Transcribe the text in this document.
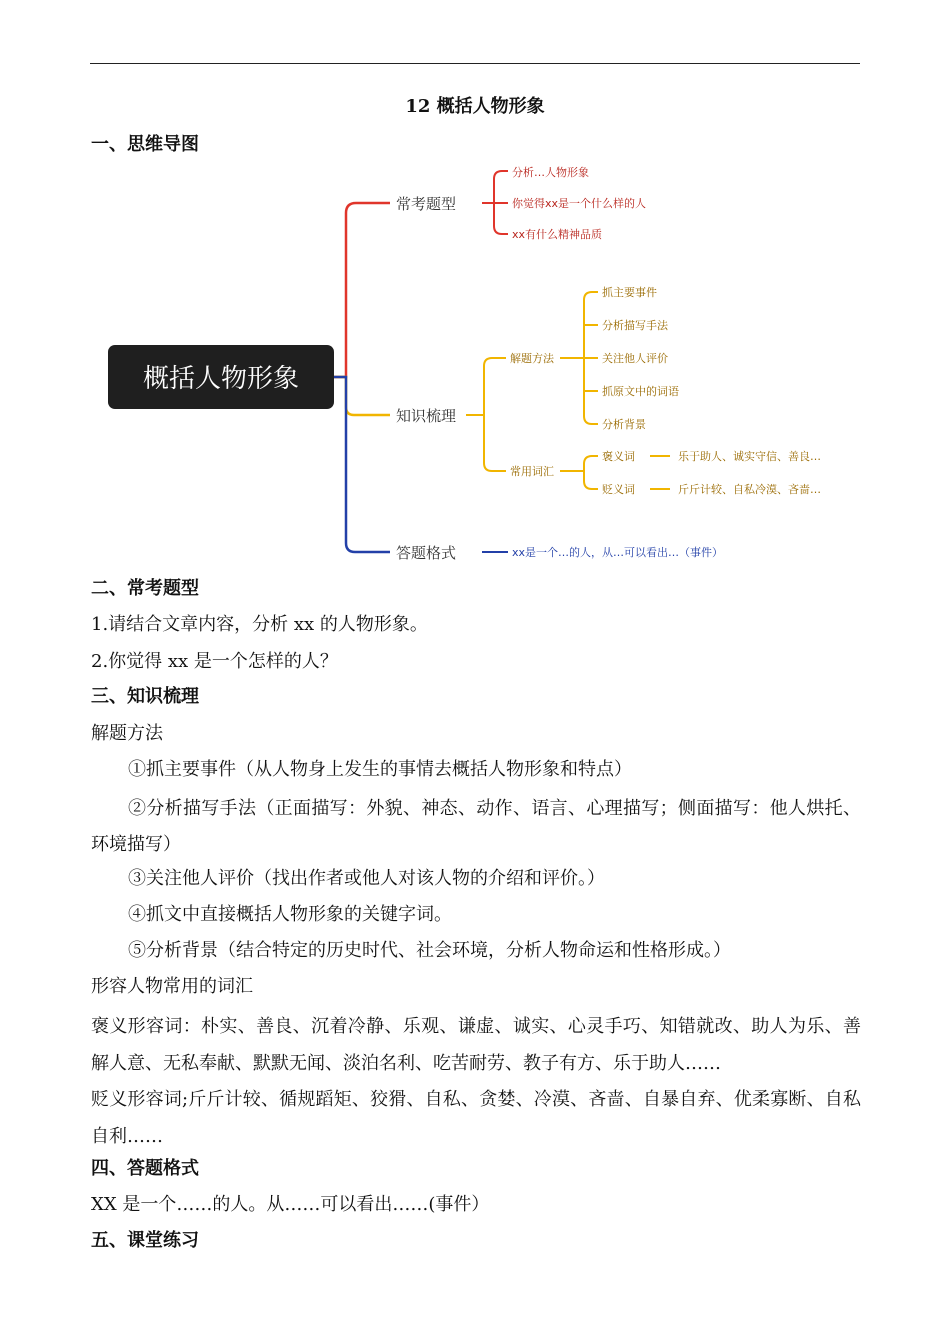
12 概括人物形象
一、思维导图
概括人物形象
常考题型
分析…人物形象
你觉得xx是一个什么样的人
xx有什么精神品质
知识梳理
解题方法
常用词汇
抓主要事件
分析描写手法
关注他人评价
抓原文中的词语
分析背景
褒义词	乐于助人、诚实守信、善良…
贬义词	斤斤计较、自私冷漠、吝啬…
答题格式	xx是一个…的人，从…可以看出…（事件）
二、常考题型
1.请结合文章内容，分析 xx 的人物形象。
2.你觉得 xx 是一个怎样的人？
三、知识梳理
解题方法
①抓主要事件（从人物身上发生的事情去概括人物形象和特点）
②分析描写手法（正面描写：外貌、神态、动作、语言、心理描写；侧面描写：他人烘托、环境描写）
③关注他人评价（找出作者或他人对该人物的介绍和评价。）
④抓文中直接概括人物形象的关键字词。
⑤分析背景（结合特定的历史时代、社会环境，分析人物命运和性格形成。）
形容人物常用的词汇
褒义形容词：朴实、善良、沉着冷静、乐观、谦虚、诚实、心灵手巧、知错就改、助人为乐、善解人意、无私奉献、默默无闻、淡泊名利、吃苦耐劳、教子有方、乐于助人……
贬义形容词;斤斤计较、循规蹈矩、狡猾、自私、贪婪、冷漠、吝啬、自暴自弃、优柔寡断、自私自利……
四、答题格式
XX 是一个……的人。从……可以看出……(事件）
五、课堂练习
